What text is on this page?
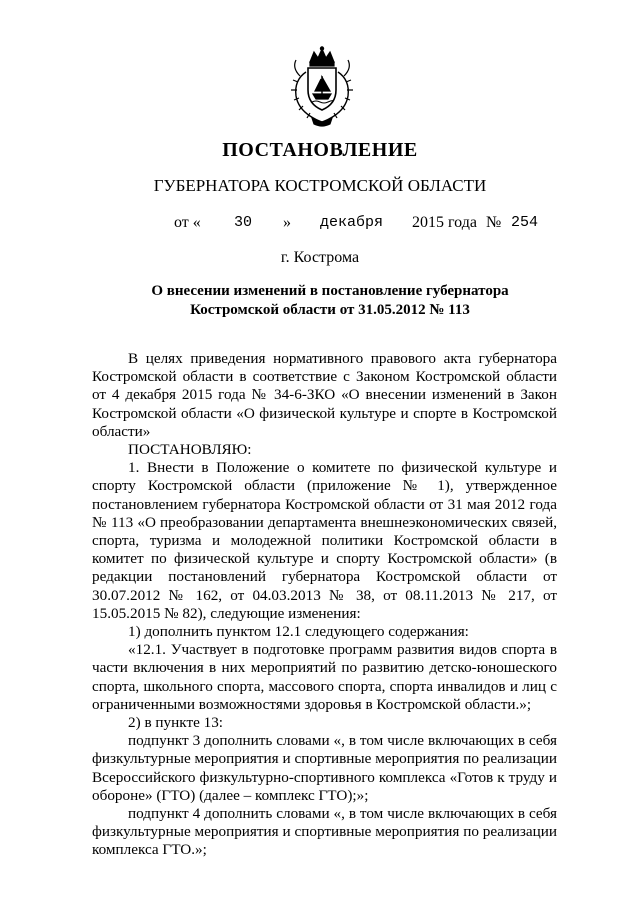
ПОСТАНОВЛЕНИЕ
ГУБЕРНАТОРА КОСТРОМСКОЙ ОБЛАСТИ
от « 30 » декабря 2015 года № 254
г. Кострома
О внесении изменений в постановление губернатора
Костромской области от 31.05.2012 № 113

В целях приведения нормативного правового акта губернатора Костромской области в соответствие с Законом Костромской области от 4 декабря 2015 года № 34-6-ЗКО «О внесении изменений в Закон Костромской области «О физической культуре и спорте в Костромской области»

ПОСТАНОВЛЯЮ:

1. Внести в Положение о комитете по физической культуре и спорту Костромской области (приложение № 1), утвержденное постановлением губернатора Костромской области от 31 мая 2012 года № 113 «О преобразовании департамента внешнеэкономических связей, спорта, туризма и молодежной политики Костромской области в комитет по физической культуре и спорту Костромской области» (в редакции постановлений губернатора Костромской области от 30.07.2012 № 162, от 04.03.2013 № 38, от 08.11.2013 № 217, от 15.05.2015 № 82), следующие изменения:

1) дополнить пунктом 12.1 следующего содержания:

«12.1. Участвует в подготовке программ развития видов спорта в части включения в них мероприятий по развитию детско-юношеского спорта, школьного спорта, массового спорта, спорта инвалидов и лиц с ограниченными возможностями здоровья в Костромской области.»;

2) в пункте 13:

подпункт 3 дополнить словами «, в том числе включающих в себя физкультурные мероприятия и спортивные мероприятия по реализации Всероссийского физкультурно-спортивного комплекса «Готов к труду и обороне» (ГТО) (далее – комплекс ГТО);»;

подпункт 4 дополнить словами «, в том числе включающих в себя физкультурные мероприятия и спортивные мероприятия по реализации комплекса ГТО.»;
